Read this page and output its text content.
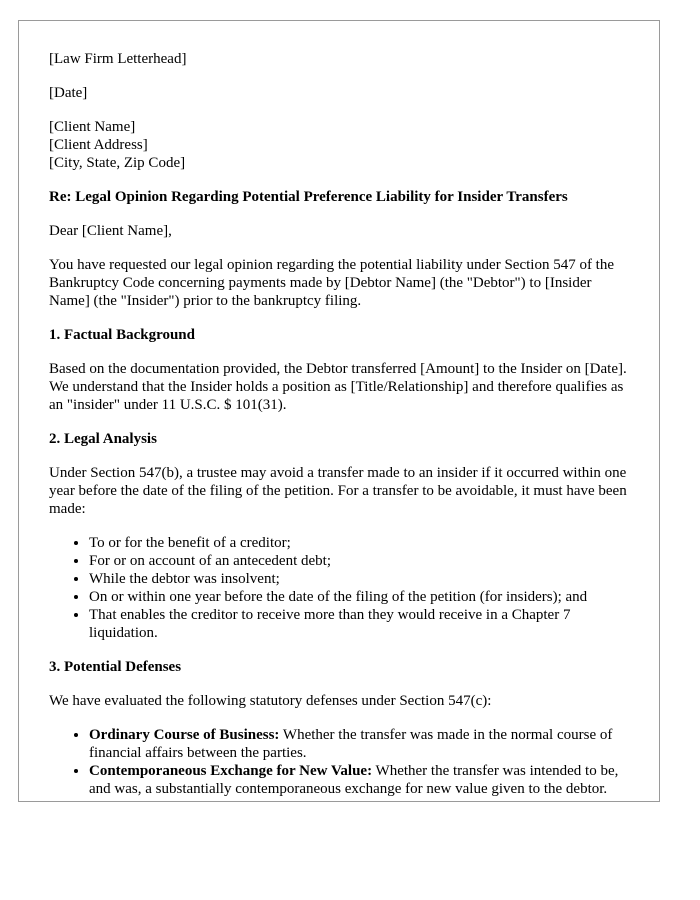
[Law Firm Letterhead]

[Date]

[Client Name]
[Client Address]
[City, State, Zip Code]

Re: Legal Opinion Regarding Potential Preference Liability for Insider Transfers

Dear [Client Name],

You have requested our legal opinion regarding the potential liability under Section 547 of the Bankruptcy Code concerning payments made by [Debtor Name] (the "Debtor") to [Insider Name] (the "Insider") prior to the bankruptcy filing.

1. Factual Background

Based on the documentation provided, the Debtor transferred [Amount] to the Insider on [Date]. We understand that the Insider holds a position as [Title/Relationship] and therefore qualifies as an "insider" under 11 U.S.C. $ 101(31).

2. Legal Analysis

Under Section 547(b), a trustee may avoid a transfer made to an insider if it occurred within one year before the date of the filing of the petition. For a transfer to be avoidable, it must have been made:

• To or for the benefit of a creditor;
• For or on account of an antecedent debt;
• While the debtor was insolvent;
• On or within one year before the date of the filing of the petition (for insiders); and
• That enables the creditor to receive more than they would receive in a Chapter 7 liquidation.
3. Potential Defenses

We have evaluated the following statutory defenses under Section 547(c):

• Ordinary Course of Business: Whether the transfer was made in the normal course of financial affairs between the parties.
• Contemporaneous Exchange for New Value: Whether the transfer was intended to be, and was, a substantially contemporaneous exchange for new value given to the debtor.
